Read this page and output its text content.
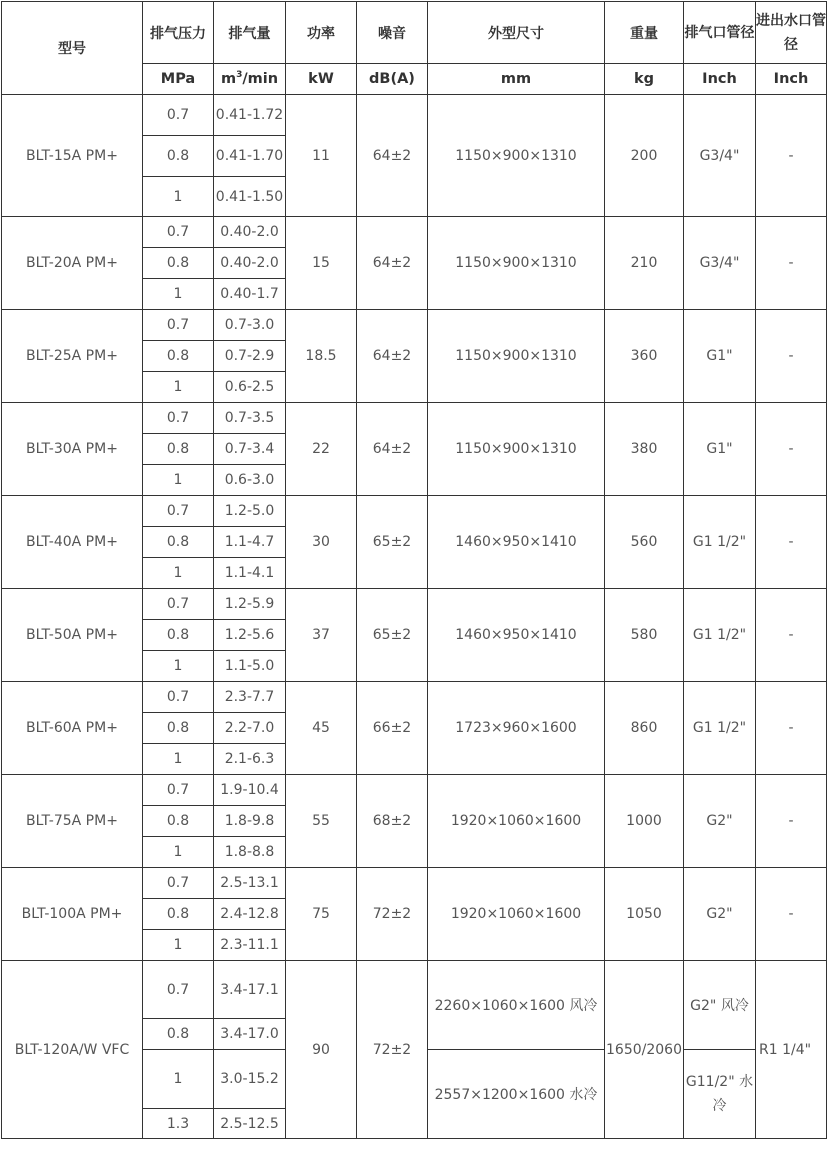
型号	排气压力	排气量	功率	噪音	外型尺寸	重量	排气口管径	进出水口管径
	MPa	$m^3/\min$	kW	dB(A)	mm	kg	Inch	Inch
BLT-15A PM+	0.7	0.41-1.72	11	64±2	1150×900×1310	200	G3/4"	-
	0.8	0.41-1.70						
	1	0.41-1.50						
BLT-20A PM+	0.7	0.40-2.0	15	64±2	1150×900×1310	210	G3/4"	-
	0.8	0.40-2.0						
	1	0.40-1.7						
BLT-25A PM+	0.7	0.7-3.0	18.5	64±2	1150×900×1310	360	G1"	-
	0.8	0.7-2.9						
	1	0.6-2.5						
BLT-30A PM+	0.7	0.7-3.5	22	64±2	1150×900×1310	380	G1"	-
	0.8	0.7-3.4						
	1	0.6-3.0						
BLT-40A PM+	0.7	1.2-5.0	30	65±2	1460×950×1410	560	G1 1/2"	-
	0.8	1.1-4.7						
	1	1.1-4.1						
BLT-50A PM+	0.7	1.2-5.9	37	65±2	1460×950×1410	580	G1 1/2"	-
	0.8	1.2-5.6						
	1	1.1-5.0						
BLT-60A PM+	0.7	2.3-7.7	45	66±2	1723×960×1600	860	G1 1/2"	-
	0.8	2.2-7.0						
	1	2.1-6.3						
BLT-75A PM+	0.7	1.9-10.4	55	68±2	1920×1060×1600	1000	G2"	-
	0.8	1.8-9.8						
	1	1.8-8.8						
BLT-100A PM+	0.7	2.5-13.1	75	72±2	1920×1060×1600	1050	G2"	-
	0.8	2.4-12.8						
	1	2.3-11.1						
BLT-120A/W VFC	0.7	3.4-17.1	90	72±2	2260×1060×1600 风冷	1650/2060	G2" 风冷	R1 1/4"
	0.8	3.4-17.0						
	1	3.0-15.2			2557×1200×1600 水冷		G11/2" 水冷	
	1.3	2.5-12.5						
